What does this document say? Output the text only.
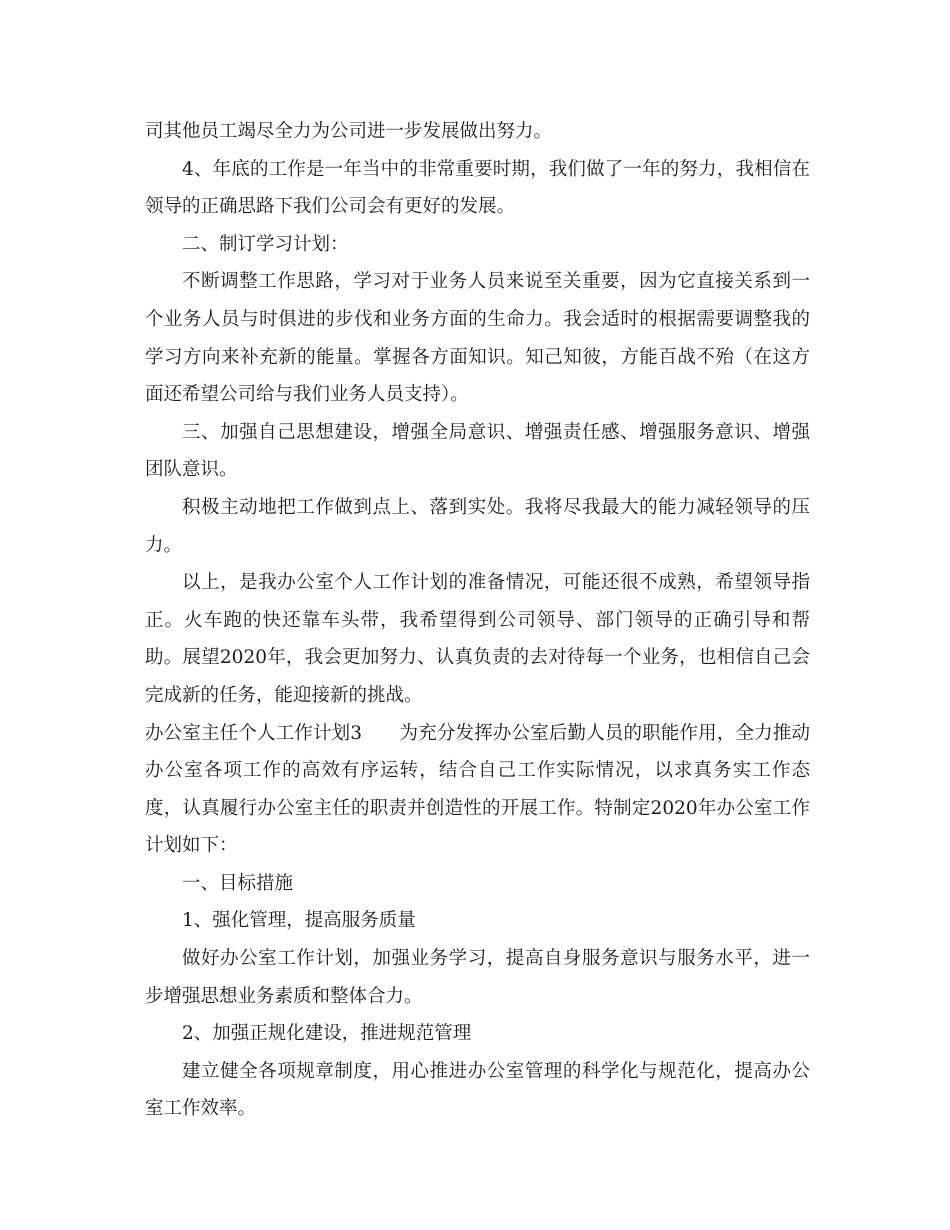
司其他员工竭尽全力为公司进一步发展做出努力。

4、年底的工作是一年当中的非常重要时期，我们做了一年的努力，我相信在领导的正确思路下我们公司会有更好的发展。

二、制订学习计划：

不断调整工作思路，学习对于业务人员来说至关重要，因为它直接关系到一个业务人员与时俱进的步伐和业务方面的生命力。我会适时的根据需要调整我的学习方向来补充新的能量。掌握各方面知识。知己知彼，方能百战不殆（在这方面还希望公司给与我们业务人员支持）。

三、加强自己思想建设，增强全局意识、增强责任感、增强服务意识、增强团队意识。

积极主动地把工作做到点上、落到实处。我将尽我最大的能力减轻领导的压力。

以上，是我办公室个人工作计划的准备情况，可能还很不成熟，希望领导指正。火车跑的快还靠车头带，我希望得到公司领导、部门领导的正确引导和帮助。展望2020年，我会更加努力、认真负责的去对待每一个业务，也相信自己会完成新的任务，能迎接新的挑战。

办公室主任个人工作计划3　　为充分发挥办公室后勤人员的职能作用，全力推动办公室各项工作的高效有序运转，结合自己工作实际情况，以求真务实工作态度，认真履行办公室主任的职责并创造性的开展工作。特制定2020年办公室工作计划如下：

一、目标措施

1、强化管理，提高服务质量

做好办公室工作计划，加强业务学习，提高自身服务意识与服务水平，进一步增强思想业务素质和整体合力。

2、加强正规化建设，推进规范管理

建立健全各项规章制度，用心推进办公室管理的科学化与规范化，提高办公室工作效率。
